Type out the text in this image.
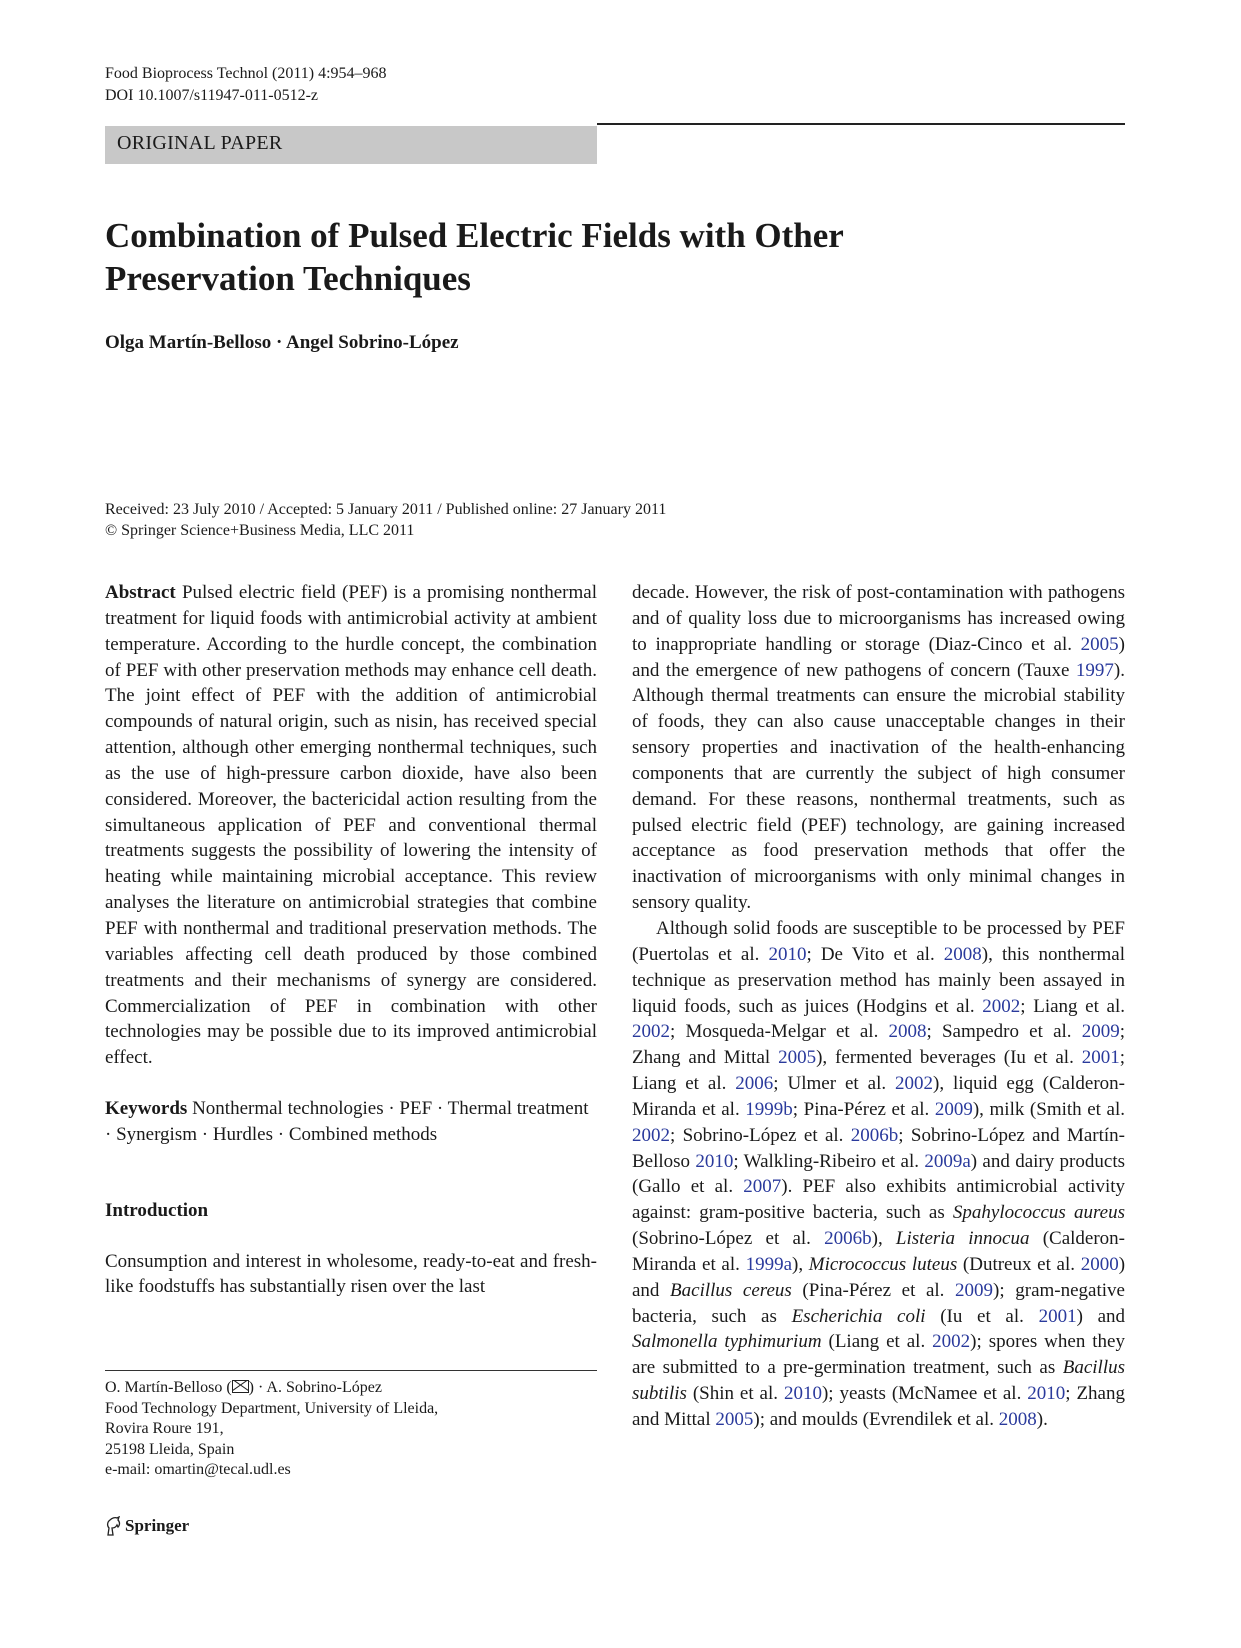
Food Bioprocess Technol (2011) 4:954–968
DOI 10.1007/s11947-011-0512-z
ORIGINAL PAPER
Combination of Pulsed Electric Fields with Other
Preservation Techniques
Olga Martín-Belloso · Angel Sobrino-López
Received: 23 July 2010 / Accepted: 5 January 2011 / Published online: 27 January 2011
© Springer Science+Business Media, LLC 2011

Abstract Pulsed electric field (PEF) is a promising nonthermal treatment for liquid foods with antimicrobial activity at ambient temperature. According to the hurdle concept, the combination of PEF with other preservation methods may enhance cell death. The joint effect of PEF with the addition of antimicrobial compounds of natural origin, such as nisin, has received special attention, although other emerging nonthermal techniques, such as the use of high-pressure carbon dioxide, have also been considered. Moreover, the bactericidal action resulting from the simultaneous application of PEF and conventional thermal treatments suggests the possibility of lowering the intensity of heating while maintaining microbial acceptance. This review analyses the literature on antimicrobial strategies that combine PEF with nonthermal and traditional preservation methods. The variables affecting cell death produced by those combined treatments and their mechanisms of synergy are considered. Commercialization of PEF in combination with other technologies may be possible due to its improved antimicrobial effect.

Keywords Nonthermal technologies · PEF · Thermal treatment · Synergism · Hurdles · Combined methods

Introduction

Consumption and interest in wholesome, ready-to-eat and fresh-like foodstuffs has substantially risen over the last

decade. However, the risk of post-contamination with pathogens and of quality loss due to microorganisms has increased owing to inappropriate handling or storage (Diaz-Cinco et al. 2005) and the emergence of new pathogens of concern (Tauxe 1997). Although thermal treatments can ensure the microbial stability of foods, they can also cause unacceptable changes in their sensory properties and inactivation of the health-enhancing components that are currently the subject of high consumer demand. For these reasons, nonthermal treatments, such as pulsed electric field (PEF) technology, are gaining increased acceptance as food preservation methods that offer the inactivation of microorganisms with only minimal changes in sensory quality.

Although solid foods are susceptible to be processed by PEF (Puertolas et al. 2010; De Vito et al. 2008), this nonthermal technique as preservation method has mainly been assayed in liquid foods, such as juices (Hodgins et al. 2002; Liang et al. 2002; Mosqueda-Melgar et al. 2008; Sampedro et al. 2009; Zhang and Mittal 2005), fermented beverages (Iu et al. 2001; Liang et al. 2006; Ulmer et al. 2002), liquid egg (Calderon-Miranda et al. 1999b; Pina-Pérez et al. 2009), milk (Smith et al. 2002; Sobrino-López et al. 2006b; Sobrino-López and Martín-Belloso 2010; Walkling-Ribeiro et al. 2009a) and dairy products (Gallo et al. 2007). PEF also exhibits antimicrobial activity against: gram-positive bacteria, such as Spahylococcus aureus (Sobrino-López et al. 2006b), Listeria innocua (Calderon-Miranda et al. 1999a), Micrococcus luteus (Dutreux et al. 2000) and Bacillus cereus (Pina-Pérez et al. 2009); gram-negative bacteria, such as Escherichia coli (Iu et al. 2001) and Salmonella typhimurium (Liang et al. 2002); spores when they are submitted to a pre-germination treatment, such as Bacillus subtilis (Shin et al. 2010); yeasts (McNamee et al. 2010; Zhang and Mittal 2005); and moulds (Evrendilek et al. 2008).

O. Martín-Belloso ( ) · A. Sobrino-López
Food Technology Department, University of Lleida,
Rovira Roure 191,
25198 Lleida, Spain
e-mail: omartin@tecal.udl.es
Springer
